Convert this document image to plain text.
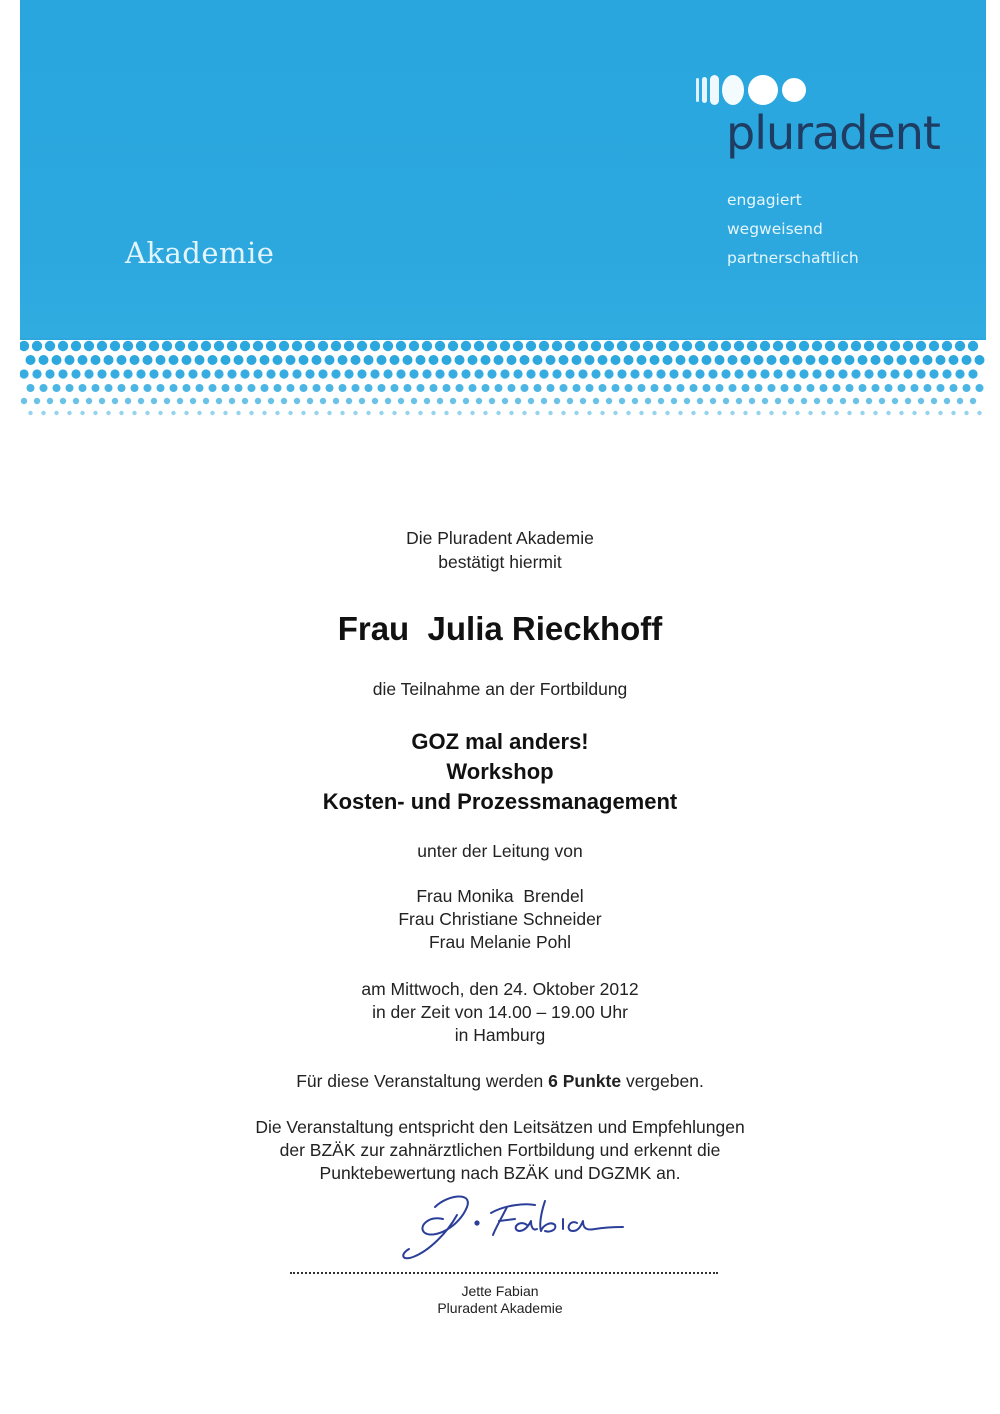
Akademie
pluradent
engagiert
wegweisend
partnerschaftlich
Die Pluradent Akademie
bestätigt hiermit
Frau  Julia Rieckhoff
die Teilnahme an der Fortbildung
GOZ mal anders!
Workshop
Kosten- und Prozessmanagement
unter der Leitung von
Frau Monika  Brendel
Frau Christiane Schneider
Frau Melanie Pohl
am Mittwoch, den 24. Oktober 2012
in der Zeit von 14.00 – 19.00 Uhr
in Hamburg
Für diese Veranstaltung werden 6 Punkte vergeben.
Die Veranstaltung entspricht den Leitsätzen und Empfehlungen
der BZÄK zur zahnärztlichen Fortbildung und erkennt die
Punktebewertung nach BZÄK und DGZMK an.
Jette Fabian
Pluradent Akademie
